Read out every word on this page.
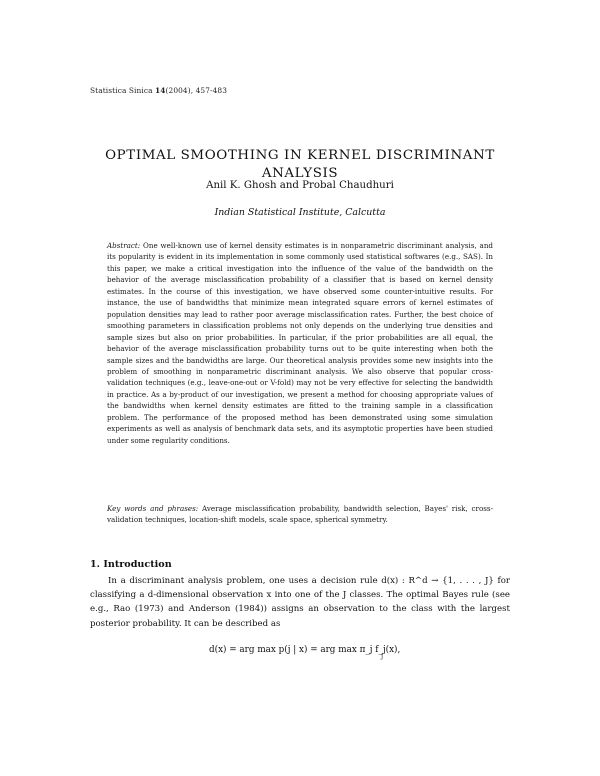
Statistica Sinica 14(2004), 457-483
OPTIMAL SMOOTHING IN KERNEL DISCRIMINANT ANALYSIS
Anil K. Ghosh and Probal Chaudhuri
Indian Statistical Institute, Calcutta

Abstract: One well-known use of kernel density estimates is in nonparametric discriminant analysis, and its popularity is evident in its implementation in some commonly used statistical softwares (e.g., SAS). In this paper, we make a critical investigation into the influence of the value of the bandwidth on the behavior of the average misclassification probability of a classifier that is based on kernel density estimates. In the course of this investigation, we have observed some counter-intuitive results. For instance, the use of bandwidths that minimize mean integrated square errors of kernel estimates of population densities may lead to rather poor average misclassification rates. Further, the best choice of smoothing parameters in classification problems not only depends on the underlying true densities and sample sizes but also on prior probabilities. In particular, if the prior probabilities are all equal, the behavior of the average misclassification probability turns out to be quite interesting when both the sample sizes and the bandwidths are large. Our theoretical analysis provides some new insights into the problem of smoothing in nonparametric discriminant analysis. We also observe that popular cross-validation techniques (e.g., leave-one-out or V-fold) may not be very effective for selecting the bandwidth in practice. As a by-product of our investigation, we present a method for choosing appropriate values of the bandwidths when kernel density estimates are fitted to the training sample in a classification problem. The performance of the proposed method has been demonstrated using some simulation experiments as well as analysis of benchmark data sets, and its asymptotic properties have been studied under some regularity conditions.

Key words and phrases: Average misclassification probability, bandwidth selection, Bayes' risk, cross-validation techniques, location-shift models, scale space, spherical symmetry.

1. Introduction

In a discriminant analysis problem, one uses a decision rule d(x) : R^d → {1, . . . , J} for classifying a d-dimensional observation x into one of the J classes. The optimal Bayes rule (see e.g., Rao (1973) and Anderson (1984)) assigns an observation to the class with the largest posterior probability. It can be described as

d(x) = arg max p(j | x) = arg max π_j f_j(x), j
